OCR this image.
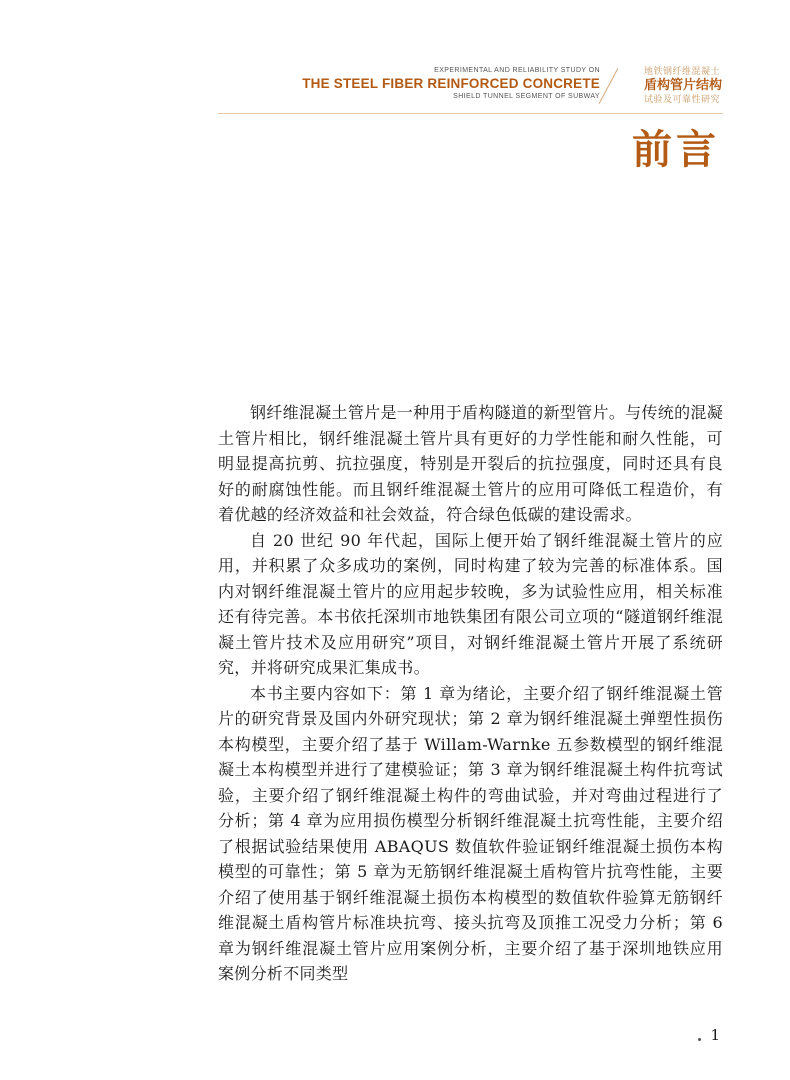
EXPERIMENTAL AND RELIABILITY STUDY ON
THE STEEL FIBER REINFORCED CONCRETE
SHIELD TUNNEL SEGMENT OF SUBWAY
地铁钢纤维混凝土
盾构管片结构
试验及可靠性研究
前言

钢纤维混凝土管片是一种用于盾构隧道的新型管片。与传统的混凝土管片相比，钢纤维混凝土管片具有更好的力学性能和耐久性能，可明显提高抗剪、抗拉强度，特别是开裂后的抗拉强度，同时还具有良好的耐腐蚀性能。而且钢纤维混凝土管片的应用可降低工程造价，有着优越的经济效益和社会效益，符合绿色低碳的建设需求。

自 20 世纪 90 年代起，国际上便开始了钢纤维混凝土管片的应用，并积累了众多成功的案例，同时构建了较为完善的标准体系。国内对钢纤维混凝土管片的应用起步较晚，多为试验性应用，相关标准还有待完善。本书依托深圳市地铁集团有限公司立项的“隧道钢纤维混凝土管片技术及应用研究”项目，对钢纤维混凝土管片开展了系统研究，并将研究成果汇集成书。

本书主要内容如下：第 1 章为绪论，主要介绍了钢纤维混凝土管片的研究背景及国内外研究现状；第 2 章为钢纤维混凝土弹塑性损伤本构模型，主要介绍了基于 Willam-Warnke 五参数模型的钢纤维混凝土本构模型并进行了建模验证；第 3 章为钢纤维混凝土构件抗弯试验，主要介绍了钢纤维混凝土构件的弯曲试验，并对弯曲过程进行了分析；第 4 章为应用损伤模型分析钢纤维混凝土抗弯性能，主要介绍了根据试验结果使用 ABAQUS 数值软件验证钢纤维混凝土损伤本构模型的可靠性；第 5 章为无筋钢纤维混凝土盾构管片抗弯性能，主要介绍了使用基于钢纤维混凝土损伤本构模型的数值软件验算无筋钢纤维混凝土盾构管片标准块抗弯、接头抗弯及顶推工况受力分析；第 6 章为钢纤维混凝土管片应用案例分析，主要介绍了基于深圳地铁应用案例分析不同类型

1
